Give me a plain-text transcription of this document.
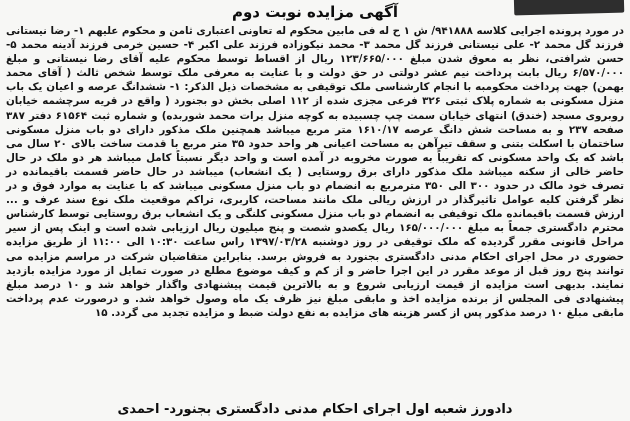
آگهی مزایده نوبت دوم
در مورد پرونده اجرایی کلاسه ۹۴۱۸۸۸/ ش ۱ ح له فی مابین محکوم له تعاونی اعتباری ثامن و محکوم علیهم ۱- رضا نیستانی فرزند گل محمد ۲- علی نیستانی فرزند گل محمد ۳- محمد نیکوزاده فرزند علی اکبر ۴- حسین خرمی فرزند آدینه محمد ۵- حسن شرافتی، نظر به معوق شدن مبلغ ۱۲۳/۶۶۵/۰۰۰ ریال از اقساط توسط محکوم علیه آقای رضا نیستانی و مبلغ ۶/۵۷۰/۰۰۰ ریال بابت پرداخت نیم عشر دولتی در حق دولت و با عنایت به معرفی ملک توسط شخص ثالث ( آقای محمد بهمن) جهت پرداخت محکومبه با انجام کارشناسی ملک توقیفی به مشخصات ذیل الذکر: ۱- ششدانگ عرصه و اعیان یک باب منزل مسکونی به شماره پلاک ثبتی ۳۲۶ فرعی مجزی شده از ۱۱۲ اصلی بخش دو بجنورد ( واقع در قریه سرچشمه خیابان روبروی مسجد (خندق) انتهای خیابان سمت چپ چسبیده به کوچه منزل برات محمد شوربده) و شماره ثبت ۶۱۵۶۴ دفتر ۳۸۷ صفحه ۲۳۷ و به مساحت شش دانگ عرصه ۱۶۱۰/۱۷ متر مربع میباشد همچنین ملک مذکور دارای دو باب منزل مسکونی ساختمان با اسکلت بتنی و سقف تیرآهن به مساحت اعیانی هر واحد حدود ۳۵ متر مربع با قدمت ساخت بالای ۲۰ سال می باشد که یک واحد مسکونی که تقریباً به صورت مخروبه در آمده است و واحد دیگر نسبتاً کامل میباشد هر دو ملک در حال حاضر خالی از سکنه میباشد ملک مذکور دارای برق روستایی ( یک انشعاب) میباشد در حال حاضر قسمت باقیمانده در تصرف خود مالک در حدود ۳۰۰ الی ۳۵۰ مترمربع به انضمام دو باب منزل مسکونی میباشد که با عنایت به موارد فوق و در نظر گرفتن کلیه عوامل تاثیرگذار در ارزش ریالی ملک مانند مساحت، کاربری، تراکم موقعیت ملک نوع سند عرف و ... ارزش قسمت باقیمانده ملک توقیفی به انضمام دو باب منزل مسکونی کلنگی و یک انشعاب برق روستایی توسط کارشناس محترم دادگستری جمعاً به مبلغ ۱۶۵/۰۰۰/۰۰۰ ریال یکصدو شصت و پنج میلیون ریال ارزیابی شده است و اینک پس از سیر مراحل قانونی مقرر گردیده که ملک توقیفی در روز دوشنبه ۱۳۹۷/۰۳/۲۸ راس ساعت ۱۰:۳۰ الی ۱۱:۰۰ از طریق مزایده حضوری در محل اجرای احکام مدنی دادگستری بجنورد به فروش برسد. بنابراین متقاضیان شرکت در مراسم مزایده می توانند پنج روز قبل از موعد مقرر در این اجرا حاضر و از کم و کیف موضوع مطلع در صورت تمایل از مورد مزایده بازدید نمایند. بدیهی است مزایده از قیمت ارزیابی شروع و به بالاترین قیمت پیشنهادی واگذار خواهد شد و ۱۰ درصد مبلغ پیشنهادی فی المجلس از برنده مزایده اخذ و مابقی مبلغ نیز ظرف یک ماه وصول خواهد شد. و درصورت عدم پرداخت مابقی مبلغ ۱۰ درصد مذکور پس از کسر هزینه های مزایده به نفع دولت ضبط و مزایده تجدید می گردد. ۱۵
دادورز شعبه اول اجرای احکام مدنی دادگستری بجنورد- احمدی
